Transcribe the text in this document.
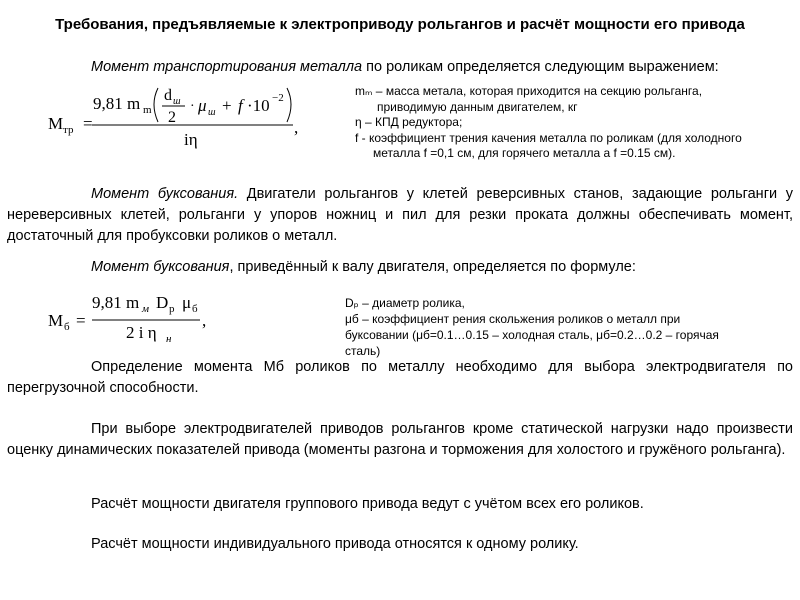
Требования, предъявляемые к электроприводу рольгангов и расчёт мощности его привода
Момент транспортирования металла по роликам определяется следующим выражением:
M тр =
9,81 m m
d ш
2
· μ ш + f ·10 −2
iη
,
mₘ – масса метала, которая приходится на секцию рольганга,
приводимую данным двигателем, кг
η – КПД редуктора;
f - коэффициент трения качения металла по роликам (для холодного
металла f =0,1 см, для горячего металла a f =0.15 см).
Момент буксования. Двигатели рольгангов у клетей реверсивных станов, задающие рольганги у нереверсивных клетей, рольганги у упоров ножниц и пил для резки проката должны обеспечивать момент, достаточный для пробуксовки роликов о металл.
Момент буксования, приведённый к валу двигателя, определяется по формуле:
M б =
9,81 m м D р μ б
2 i η н
,
Dₚ – диаметр ролика,
μб – коэффициент рения скольжения роликов о металл при
буксовании (μб=0.1…0.15 – холодная сталь, μб=0.2…0.2 – горячая
сталь)
Определение момента Mб роликов по металлу необходимо для выбора электродвигателя по перегрузочной способности.
При выборе электродвигателей приводов рольгангов кроме статической нагрузки надо произвести оценку динамических показателей привода (моменты разгона и торможения для холостого и гружёного рольганга).
Расчёт мощности двигателя группового привода ведут с учётом всех его роликов.
Расчёт мощности индивидуального привода относятся к одному ролику.
